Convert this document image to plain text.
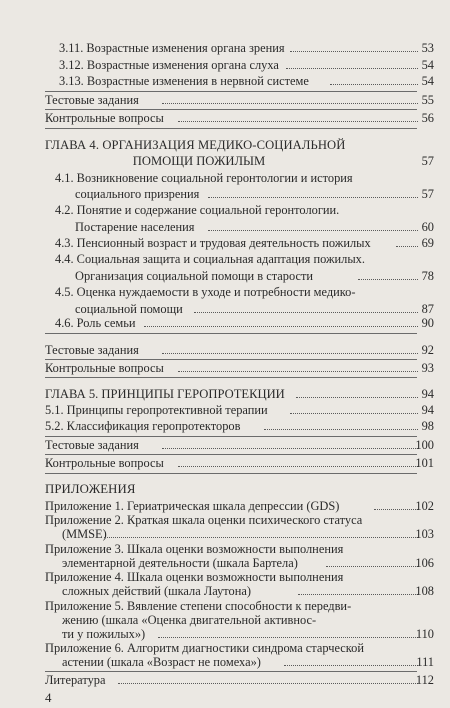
3.11. Возрастные изменения органа зрения	53
3.12. Возрастные изменения органа слуха	54
3.13. Возрастные изменения в нервной системе	54
Тестовые задания	55
Контрольные вопросы	56
ГЛАВА 4. ОРГАНИЗАЦИЯ МЕДИКО-СОЦИАЛЬНОЙ
ПОМОЩИ ПОЖИЛЫМ	57
4.1. Возникновение социальной геронтологии и история
социального призрения	57
4.2. Понятие и содержание социальной геронтологии.
Постарение населения	60
4.3. Пенсионный возраст и трудовая деятельность пожилых	69
4.4. Социальная защита и социальная адаптация пожилых.
Организация социальной помощи в старости	78
4.5. Оценка нуждаемости в уходе и потребности медико-
социальной помощи	87
4.6. Роль семьи	90
Тестовые задания	92
Контрольные вопросы	93
ГЛАВА 5. ПРИНЦИПЫ ГЕРОПРОТЕКЦИИ	94
5.1. Принципы геропротективной терапии	94
5.2. Классификация геропротекторов	98
Тестовые задания	100
Контрольные вопросы	101
ПРИЛОЖЕНИЯ
Приложение 1. Гериатрическая шкала депрессии (GDS)	102
Приложение 2. Краткая шкала оценки психического статуса
(MMSE)	103
Приложение 3. Шкала оценки возможности выполнения
элементарной деятельности (шкала Бартела)	106
Приложение 4. Шкала оценки возможности выполнения
сложных действий (шкала Лаутона)	108
Приложение 5. Вявление степени способности к передви-
жению (шкала «Оценка двигательной активнос-
ти у пожилых»)	110
Приложение 6. Алгоритм диагностики синдрома старческой
астении (шкала «Возраст не помеха»)	111
Литература	112
4
